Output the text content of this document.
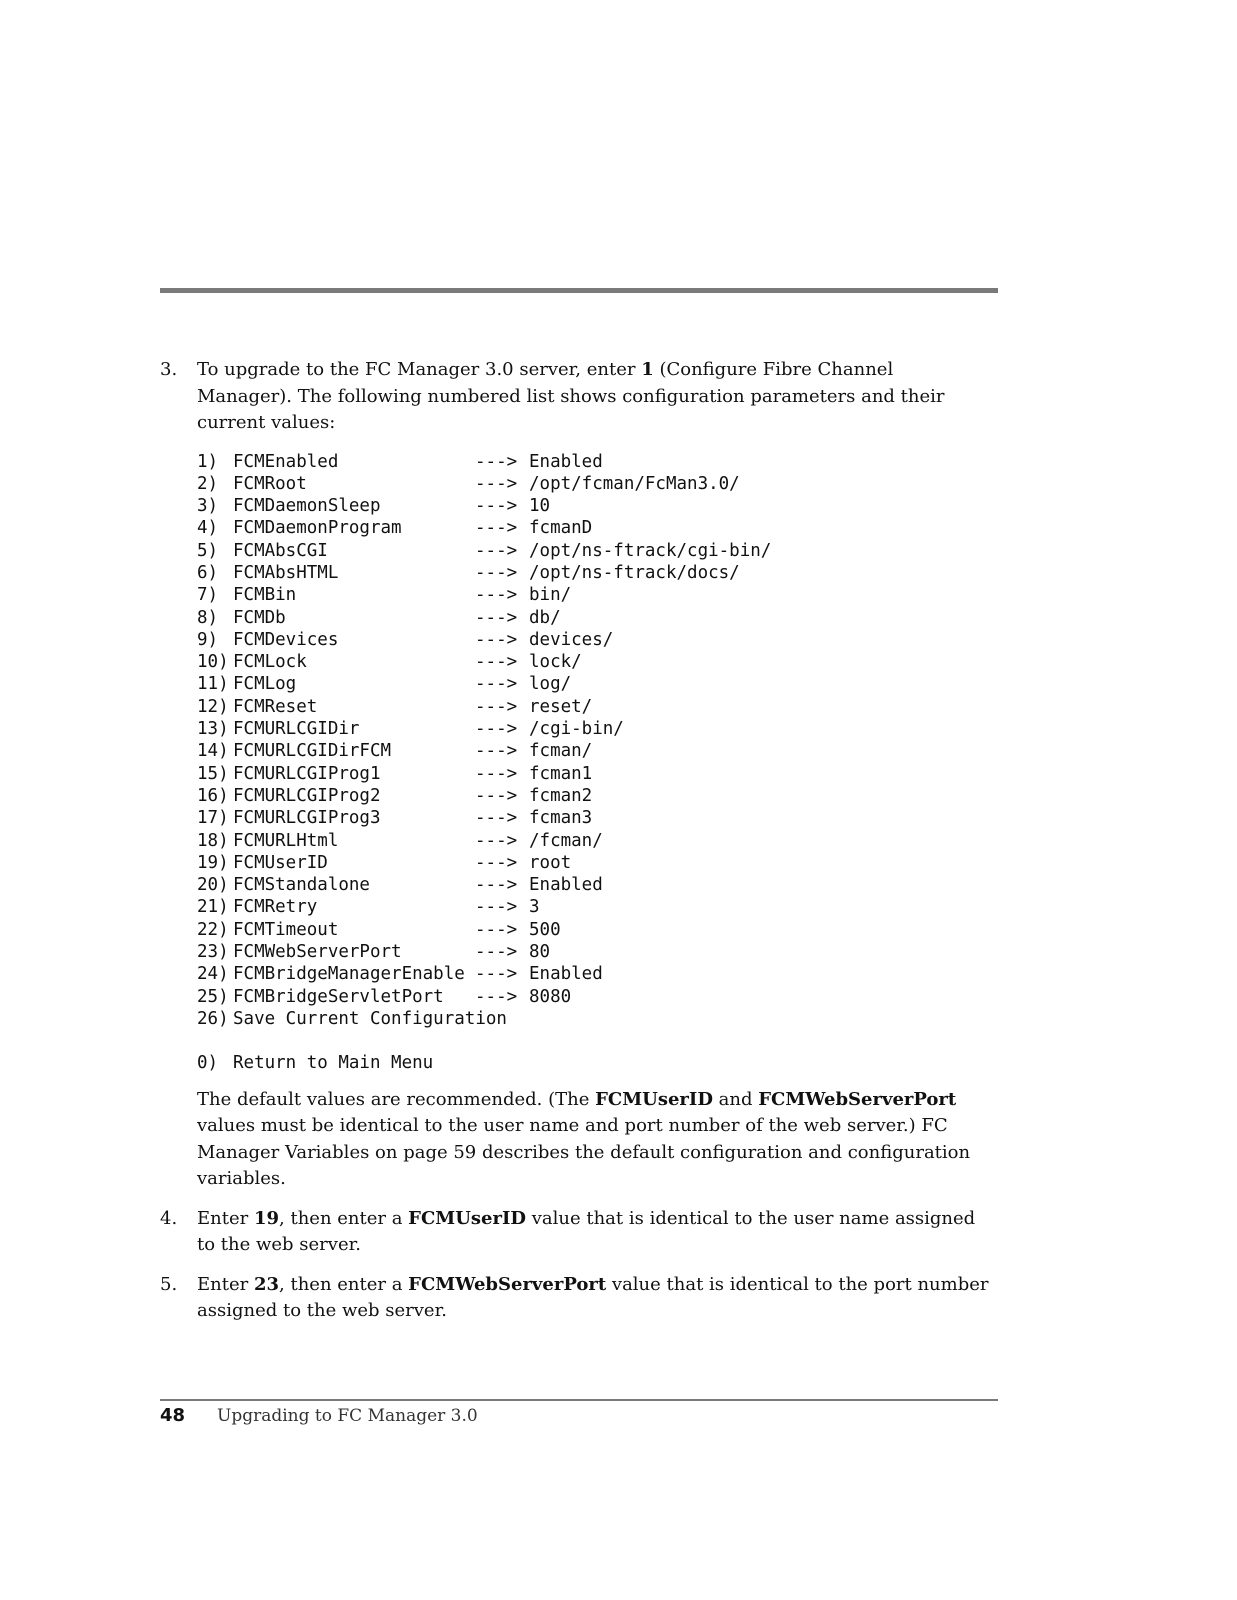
3.	To upgrade to the FC Manager 3.0 server, enter 1 (Configure Fibre Channel Manager). The following numbered list shows configuration parameters and their current values:
1) FCMEnabled	---> Enabled
2) FCMRoot	---> /opt/fcman/FcMan3.0/
3) FCMDaemonSleep	---> 10
4) FCMDaemonProgram	---> fcmanD
5) FCMAbsCGI	---> /opt/ns-ftrack/cgi-bin/
6) FCMAbsHTML	---> /opt/ns-ftrack/docs/
7) FCMBin	---> bin/
8) FCMDb	---> db/
9) FCMDevices	---> devices/
10) FCMLock	---> lock/
11) FCMLog	---> log/
12) FCMReset	---> reset/
13) FCMURLCGIDir	---> /cgi-bin/
14) FCMURLCGIDirFCM	---> fcman/
15) FCMURLCGIProg1	---> fcman1
16) FCMURLCGIProg2	---> fcman2
17) FCMURLCGIProg3	---> fcman3
18) FCMURLHtml	---> /fcman/
19) FCMUserID	---> root
20) FCMStandalone	---> Enabled
21) FCMRetry	---> 3
22) FCMTimeout	---> 500
23) FCMWebServerPort	---> 80
24) FCMBridgeManagerEnable ---> Enabled
25) FCMBridgeServletPort	---> 8080
26) Save Current Configuration
0) Return to Main Menu
The default values are recommended. (The FCMUserID and FCMWebServerPort values must be identical to the user name and port number of the web server.) FC Manager Variables on page 59 describes the default configuration and configuration variables.
4.	Enter 19, then enter a FCMUserID value that is identical to the user name assigned to the web server.
5.	Enter 23, then enter a FCMWebServerPort value that is identical to the port number assigned to the web server.
48	Upgrading to FC Manager 3.0
